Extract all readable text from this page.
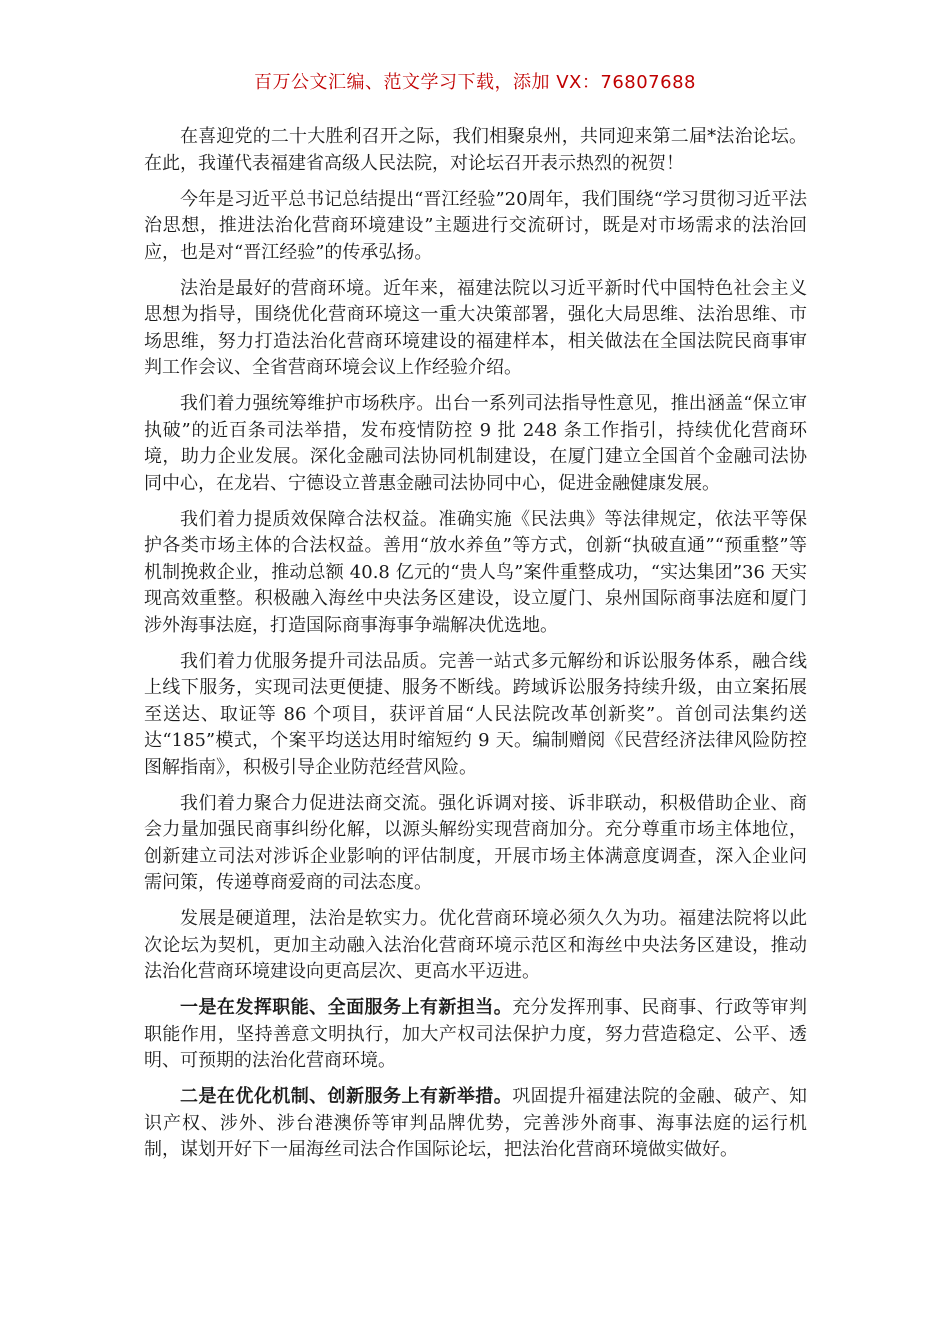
百万公文汇编、范文学习下载，添加 VX：76807688

在喜迎党的二十大胜利召开之际，我们相聚泉州，共同迎来第二届*法治论坛。在此，我谨代表福建省高级人民法院，对论坛召开表示热烈的祝贺！

今年是习近平总书记总结提出“晋江经验”20周年，我们围绕“学习贯彻习近平法治思想，推进法治化营商环境建设”主题进行交流研讨，既是对市场需求的法治回应，也是对“晋江经验”的传承弘扬。

法治是最好的营商环境。近年来，福建法院以习近平新时代中国特色社会主义思想为指导，围绕优化营商环境这一重大决策部署，强化大局思维、法治思维、市场思维，努力打造法治化营商环境建设的福建样本，相关做法在全国法院民商事审判工作会议、全省营商环境会议上作经验介绍。

我们着力强统筹维护市场秩序。出台一系列司法指导性意见，推出涵盖“保立审执破”的近百条司法举措，发布疫情防控 9 批 248 条工作指引，持续优化营商环境，助力企业发展。深化金融司法协同机制建设，在厦门建立全国首个金融司法协同中心，在龙岩、宁德设立普惠金融司法协同中心，促进金融健康发展。

我们着力提质效保障合法权益。准确实施《民法典》等法律规定，依法平等保护各类市场主体的合法权益。善用“放水养鱼”等方式，创新“执破直通”“预重整”等机制挽救企业，推动总额 40.8 亿元的“贵人鸟”案件重整成功，“实达集团”36 天实现高效重整。积极融入海丝中央法务区建设，设立厦门、泉州国际商事法庭和厦门涉外海事法庭，打造国际商事海事争端解决优选地。

我们着力优服务提升司法品质。完善一站式多元解纷和诉讼服务体系，融合线上线下服务，实现司法更便捷、服务不断线。跨域诉讼服务持续升级，由立案拓展至送达、取证等 86 个项目，获评首届“人民法院改革创新奖”。首创司法集约送达“185”模式，个案平均送达用时缩短约 9 天。编制赠阅《民营经济法律风险防控图解指南》，积极引导企业防范经营风险。

我们着力聚合力促进法商交流。强化诉调对接、诉非联动，积极借助企业、商会力量加强民商事纠纷化解，以源头解纷实现营商加分。充分尊重市场主体地位，创新建立司法对涉诉企业影响的评估制度，开展市场主体满意度调查，深入企业问需问策，传递尊商爱商的司法态度。

发展是硬道理，法治是软实力。优化营商环境必须久久为功。福建法院将以此次论坛为契机，更加主动融入法治化营商环境示范区和海丝中央法务区建设，推动法治化营商环境建设向更高层次、更高水平迈进。

一是在发挥职能、全面服务上有新担当。充分发挥刑事、民商事、行政等审判职能作用，坚持善意文明执行，加大产权司法保护力度，努力营造稳定、公平、透明、可预期的法治化营商环境。

二是在优化机制、创新服务上有新举措。巩固提升福建法院的金融、破产、知识产权、涉外、涉台港澳侨等审判品牌优势，完善涉外商事、海事法庭的运行机制，谋划开好下一届海丝司法合作国际论坛，把法治化营商环境做实做好。
